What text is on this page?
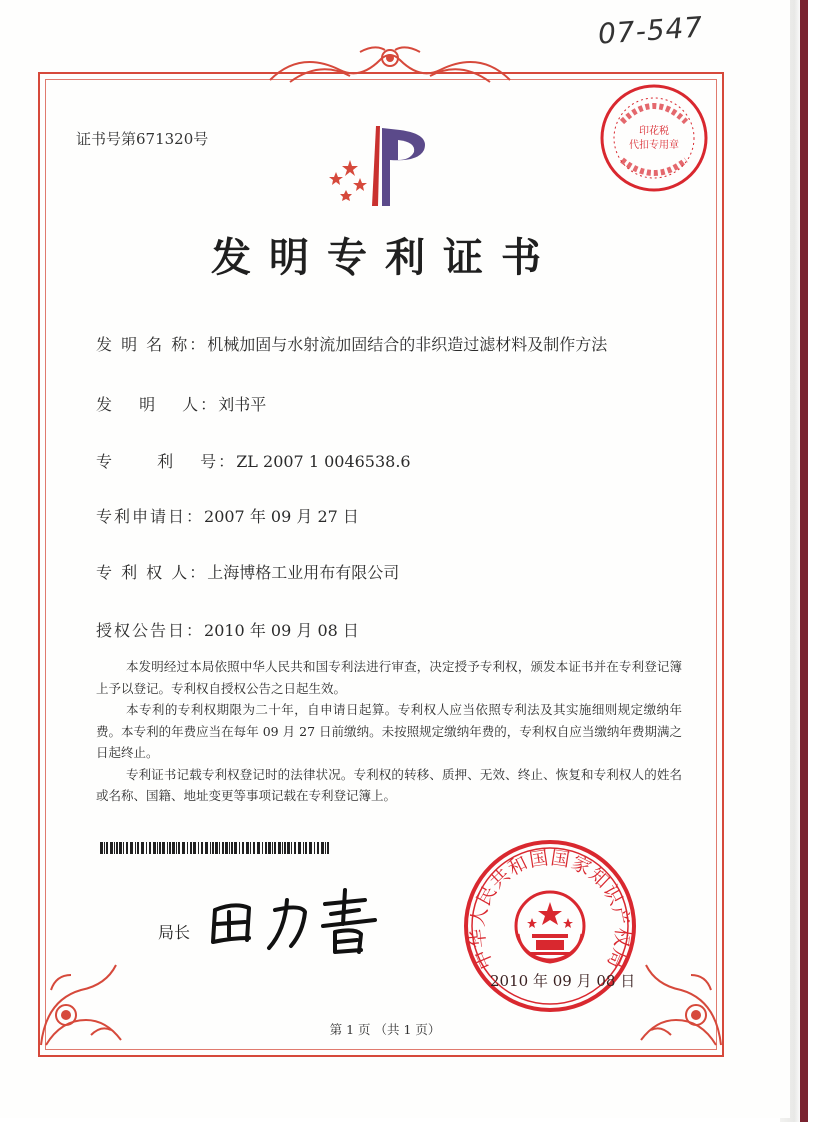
07-547
证书号第671320号
发明专利证书
发 明 名 称：机械加固与水射流加固结合的非织造过滤材料及制作方法
发　 明　 人：刘书平
专　　 利　 号：ZL 2007 1 0046538.6
专利申请日：2007 年 09 月 27 日
专 利 权 人：上海博格工业用布有限公司
授权公告日：2010 年 09 月 08 日

本发明经过本局依照中华人民共和国专利法进行审查，决定授予专利权，颁发本证书并在专利登记簿上予以登记。专利权自授权公告之日起生效。

本专利的专利权期限为二十年，自申请日起算。专利权人应当依照专利法及其实施细则规定缴纳年费。本专利的年费应当在每年 09 月 27 日前缴纳。未按照规定缴纳年费的，专利权自应当缴纳年费期满之日起终止。

专利证书记载专利权登记时的法律状况。专利权的转移、质押、无效、终止、恢复和专利权人的姓名或名称、国籍、地址变更等事项记载在专利登记簿上。

局长
印花税
代扣专用章
中华人民共和国国家知识产权局
2010 年 09 月 08 日
第 1 页 （共 1 页）
